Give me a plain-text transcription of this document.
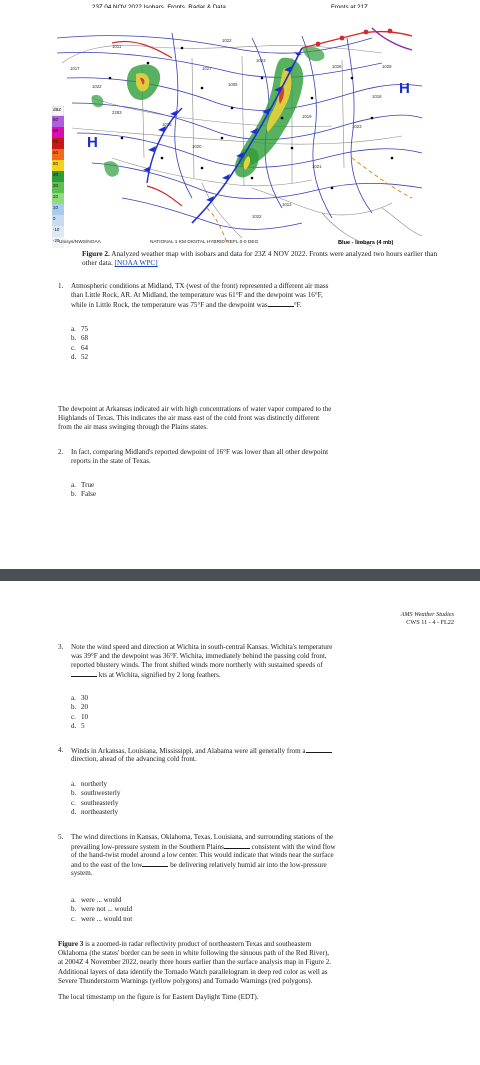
1017
1022
2283
1027
1005
1023
1026
1018
1023
1020
1016
1021
1012
1022
1028
1011
1022
1019
H
H
dBZ
60
60
70
60
50
40
30
20
10
0
-10
-20 Unisys/NWS/NOAA	NATIONAL 1 KM DIGITAL HYBRID REFL 0-0 DEG	Blue - Isobars (4 mb)
Figure 2. Analyzed weather map with isobars and data for 23Z 4 NOV 2022. Fronts were analyzed two hours earlier than other data. [NOAA WPC]
1. Atmospheric conditions at Midland, TX (west of the front) represented a different air mass
than Little Rock, AR. At Midland, the temperature was 61°F and the dewpoint was 16°F,
while in Little Rock, the temperature was 75°F and the dewpoint was	°F.
a. 75
b. 68
c. 64
d. 52
The dewpoint at Arkansas indicated air with high concentrations of water vapor compared to the
Highlands of Texas. This indicates the air mass east of the cold front was distinctly different
from the air mass swinging through the Plains states.
2. In fact, comparing Midland's reported dewpoint of 16°F was lower than all other dewpoint
reports in the state of Texas.
a. True
b. False
AMS Weather Studies
CWS 11 - 4 - FL22
3. Note the wind speed and direction at Wichita in south-central Kansas. Wichita's temperature
was 39°F and the dewpoint was 36°F. Wichita, immediately behind the passing cold front,
reported blustery winds. The front shifted winds more northerly with sustained speeds of
kts at Wichita, signified by 2 long feathers.
a. 30
b. 20
c. 10
d. 5
4. Winds in Arkansas, Louisiana, Mississippi, and Alabama were all generally from a
direction, ahead of the advancing cold front.
a. northerly
b. southwesterly
c. southeasterly
d. northeasterly
5. The wind directions in Kansas, Oklahoma, Texas, Louisiana, and surrounding stations of the
prevailing low-pressure system in the Southern Plains	consistent with the wind flow
of the hand-twist model around a low center. This would indicate that winds near the surface
and to the east of the low	be delivering relatively humid air into the low-pressure
system.
a. were ... would
b. were not ... would
c. were ... would not
Figure 3 is a zoomed-in radar reflectivity product of northeastern Texas and southeastern
Oklahoma (the states' border can be seen in white following the sinuous path of the Red River),
at 2004Z 4 November 2022, nearly three hours earlier than the surface analysis map in Figure 2.
Additional layers of data identify the Tornado Watch parallelogram in deep red color as well as
Severe Thunderstorm Warnings (yellow polygons) and Tornado Warnings (red polygons).
The local timestamp on the figure is for Eastern Daylight Time (EDT).
